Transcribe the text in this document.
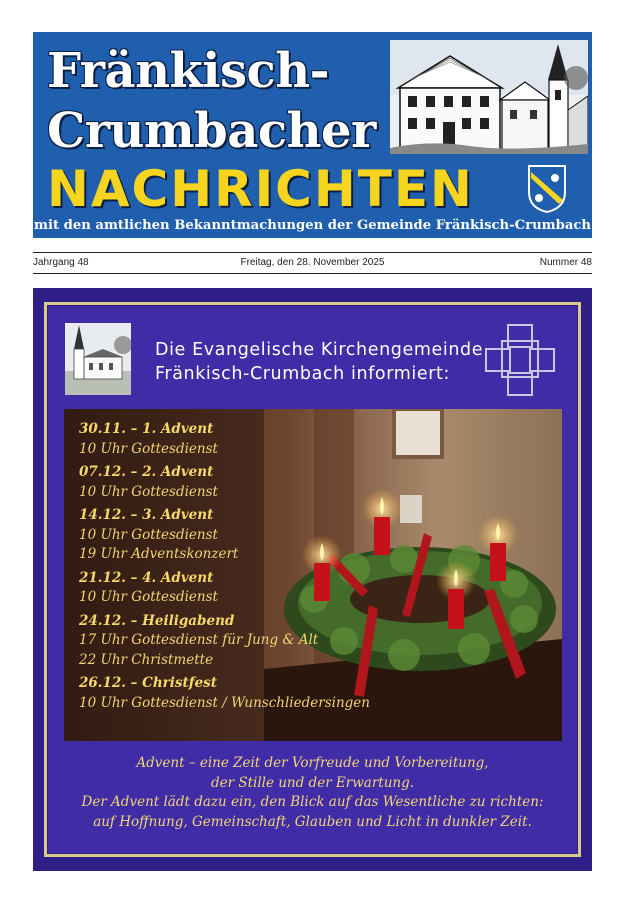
Fränkisch-
Crumbacher
NACHRICHTEN
mit den amtlichen Bekanntmachungen der Gemeinde Fränkisch-Crumbach
Jahrgang 48	Freitag, den 28. November 2025	Nummer 48
Die Evangelische Kirchengemeinde
Fränkisch-Crumbach informiert:
30.11. – 1. Advent
10 Uhr Gottesdienst
07.12. – 2. Advent
10 Uhr Gottesdienst
14.12. – 3. Advent
10 Uhr Gottesdienst
19 Uhr Adventskonzert
21.12. – 4. Advent
10 Uhr Gottesdienst
24.12. – Heiligabend
17 Uhr Gottesdienst für Jung & Alt
22 Uhr Christmette
26.12. – Christfest
10 Uhr Gottesdienst / Wunschliedersingen
Advent – eine Zeit der Vorfreude und Vorbereitung,
der Stille und der Erwartung.
Der Advent lädt dazu ein, den Blick auf das Wesentliche zu richten:
auf Hoffnung, Gemeinschaft, Glauben und Licht in dunkler Zeit.
